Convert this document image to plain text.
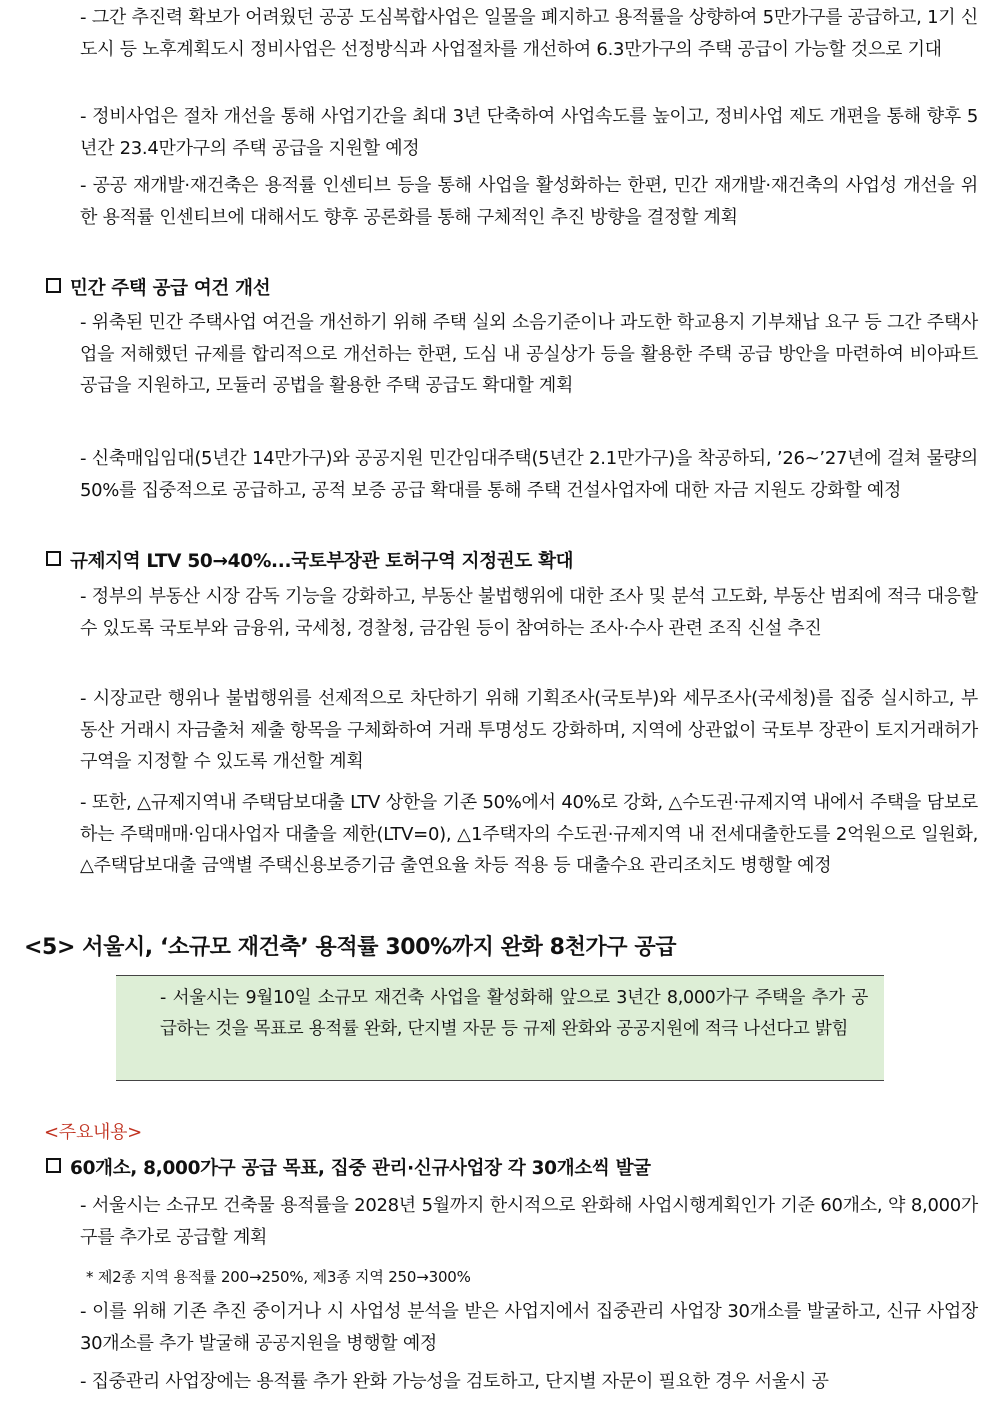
- 그간 추진력 확보가 어려웠던 공공 도심복합사업은 일몰을 폐지하고 용적률을 상향하여 5만가구를 공급하고, 1기 신도시 등 노후계획도시 정비사업은 선정방식과 사업절차를 개선하여 6.3만가구의 주택 공급이 가능할 것으로 기대
- 정비사업은 절차 개선을 통해 사업기간을 최대 3년 단축하여 사업속도를 높이고, 정비사업 제도 개편을 통해 향후 5년간 23.4만가구의 주택 공급을 지원할 예정
- 공공 재개발·재건축은 용적률 인센티브 등을 통해 사업을 활성화하는 한편, 민간 재개발·재건축의 사업성 개선을 위한 용적률 인센티브에 대해서도 향후 공론화를 통해 구체적인 추진 방향을 결정할 계획
민간 주택 공급 여건 개선
- 위축된 민간 주택사업 여건을 개선하기 위해 주택 실외 소음기준이나 과도한 학교용지 기부채납 요구 등 그간 주택사업을 저해했던 규제를 합리적으로 개선하는 한편, 도심 내 공실상가 등을 활용한 주택 공급 방안을 마련하여 비아파트 공급을 지원하고, 모듈러 공법을 활용한 주택 공급도 확대할 계획
- 신축매입임대(5년간 14만가구)와 공공지원 민간임대주택(5년간 2.1만가구)을 착공하되, ’26~’27년에 걸쳐 물량의 50%를 집중적으로 공급하고, 공적 보증 공급 확대를 통해 주택 건설사업자에 대한 자금 지원도 강화할 예정
규제지역 LTV 50→40%...국토부장관 토허구역 지정권도 확대
- 정부의 부동산 시장 감독 기능을 강화하고, 부동산 불법행위에 대한 조사 및 분석 고도화, 부동산 범죄에 적극 대응할 수 있도록 국토부와 금융위, 국세청, 경찰청, 금감원 등이 참여하는 조사·수사 관련 조직 신설 추진
- 시장교란 행위나 불법행위를 선제적으로 차단하기 위해 기획조사(국토부)와 세무조사(국세청)를 집중 실시하고, 부동산 거래시 자금출처 제출 항목을 구체화하여 거래 투명성도 강화하며, 지역에 상관없이 국토부 장관이 토지거래허가구역을 지정할 수 있도록 개선할 계획
- 또한, △규제지역내 주택담보대출 LTV 상한을 기존 50%에서 40%로 강화, △수도권·규제지역 내에서 주택을 담보로 하는 주택매매·임대사업자 대출을 제한(LTV=0), △1주택자의 수도권·규제지역 내 전세대출한도를 2억원으로 일원화, △주택담보대출 금액별 주택신용보증기금 출연요율 차등 적용 등 대출수요 관리조치도 병행할 예정
<5> 서울시, ‘소규모 재건축’ 용적률 300%까지 완화 8천가구 공급
- 서울시는 9월10일 소규모 재건축 사업을 활성화해 앞으로 3년간 8,000가구 주택을 추가 공급하는 것을 목표로 용적률 완화, 단지별 자문 등 규제 완화와 공공지원에 적극 나선다고 밝힘
<주요내용>
60개소, 8,000가구 공급 목표, 집중 관리·신규사업장 각 30개소씩 발굴
- 서울시는 소규모 건축물 용적률을 2028년 5월까지 한시적으로 완화해 사업시행계획인가 기준 60개소, 약 8,000가구를 추가로 공급할 계획
* 제2종 지역 용적률 200→250%, 제3종 지역 250→300%
- 이를 위해 기존 추진 중이거나 시 사업성 분석을 받은 사업지에서 집중관리 사업장 30개소를 발굴하고, 신규 사업장 30개소를 추가 발굴해 공공지원을 병행할 예정
- 집중관리 사업장에는 용적률 추가 완화 가능성을 검토하고, 단지별 자문이 필요한 경우 서울시 공
